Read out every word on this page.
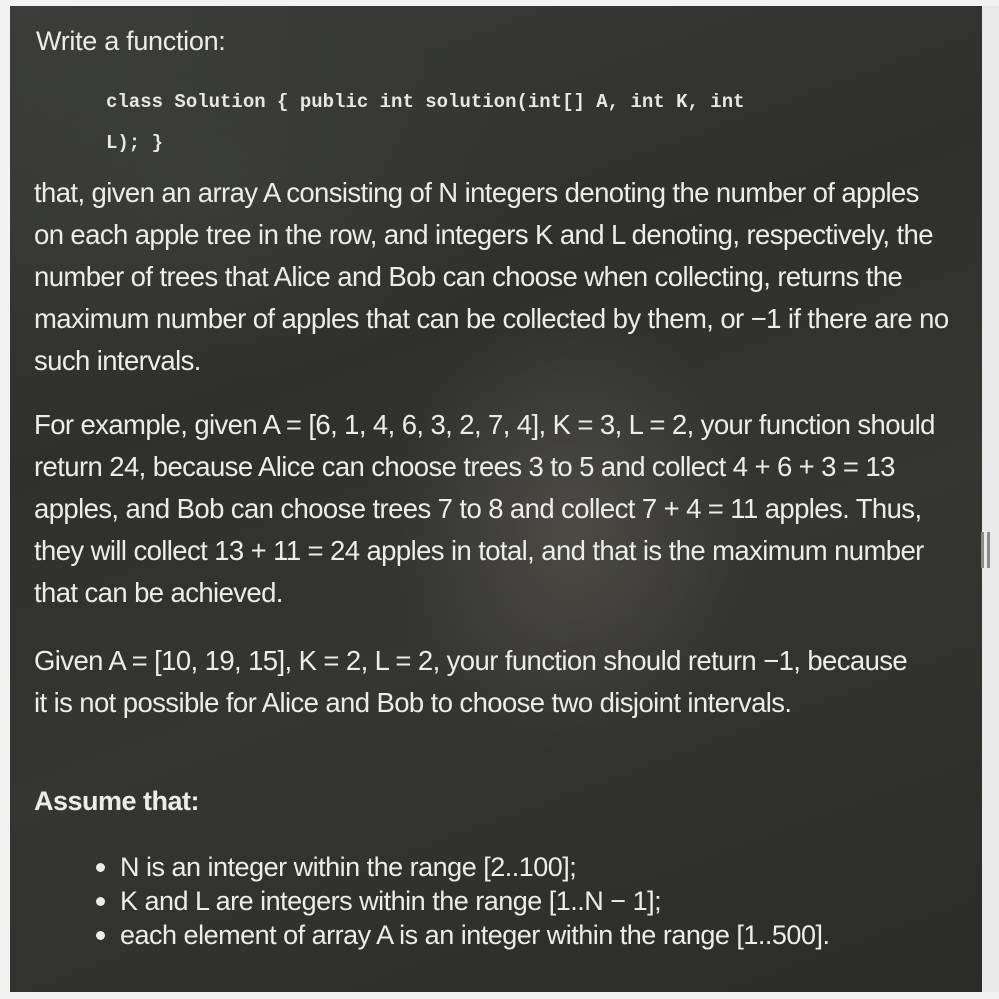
Write a function:
class Solution { public int solution(int[] A, int K, int
L); }

that, given an array A consisting of N integers denoting the number of apples on each apple tree in the row, and integers K and L denoting, respectively, the number of trees that Alice and Bob can choose when collecting, returns the maximum number of apples that can be collected by them, or −1 if there are no such intervals.

For example, given A = [6, 1, 4, 6, 3, 2, 7, 4], K = 3, L = 2, your function should return 24, because Alice can choose trees 3 to 5 and collect 4 + 6 + 3 = 13 apples, and Bob can choose trees 7 to 8 and collect 7 + 4 = 11 apples. Thus, they will collect 13 + 11 = 24 apples in total, and that is the maximum number that can be achieved.

Given A = [10, 19, 15], K = 2, L = 2, your function should return −1, because it is not possible for Alice and Bob to choose two disjoint intervals.

Assume that:
N is an integer within the range [2..100];
K and L are integers within the range [1..N − 1];
each element of array A is an integer within the range [1..500].
